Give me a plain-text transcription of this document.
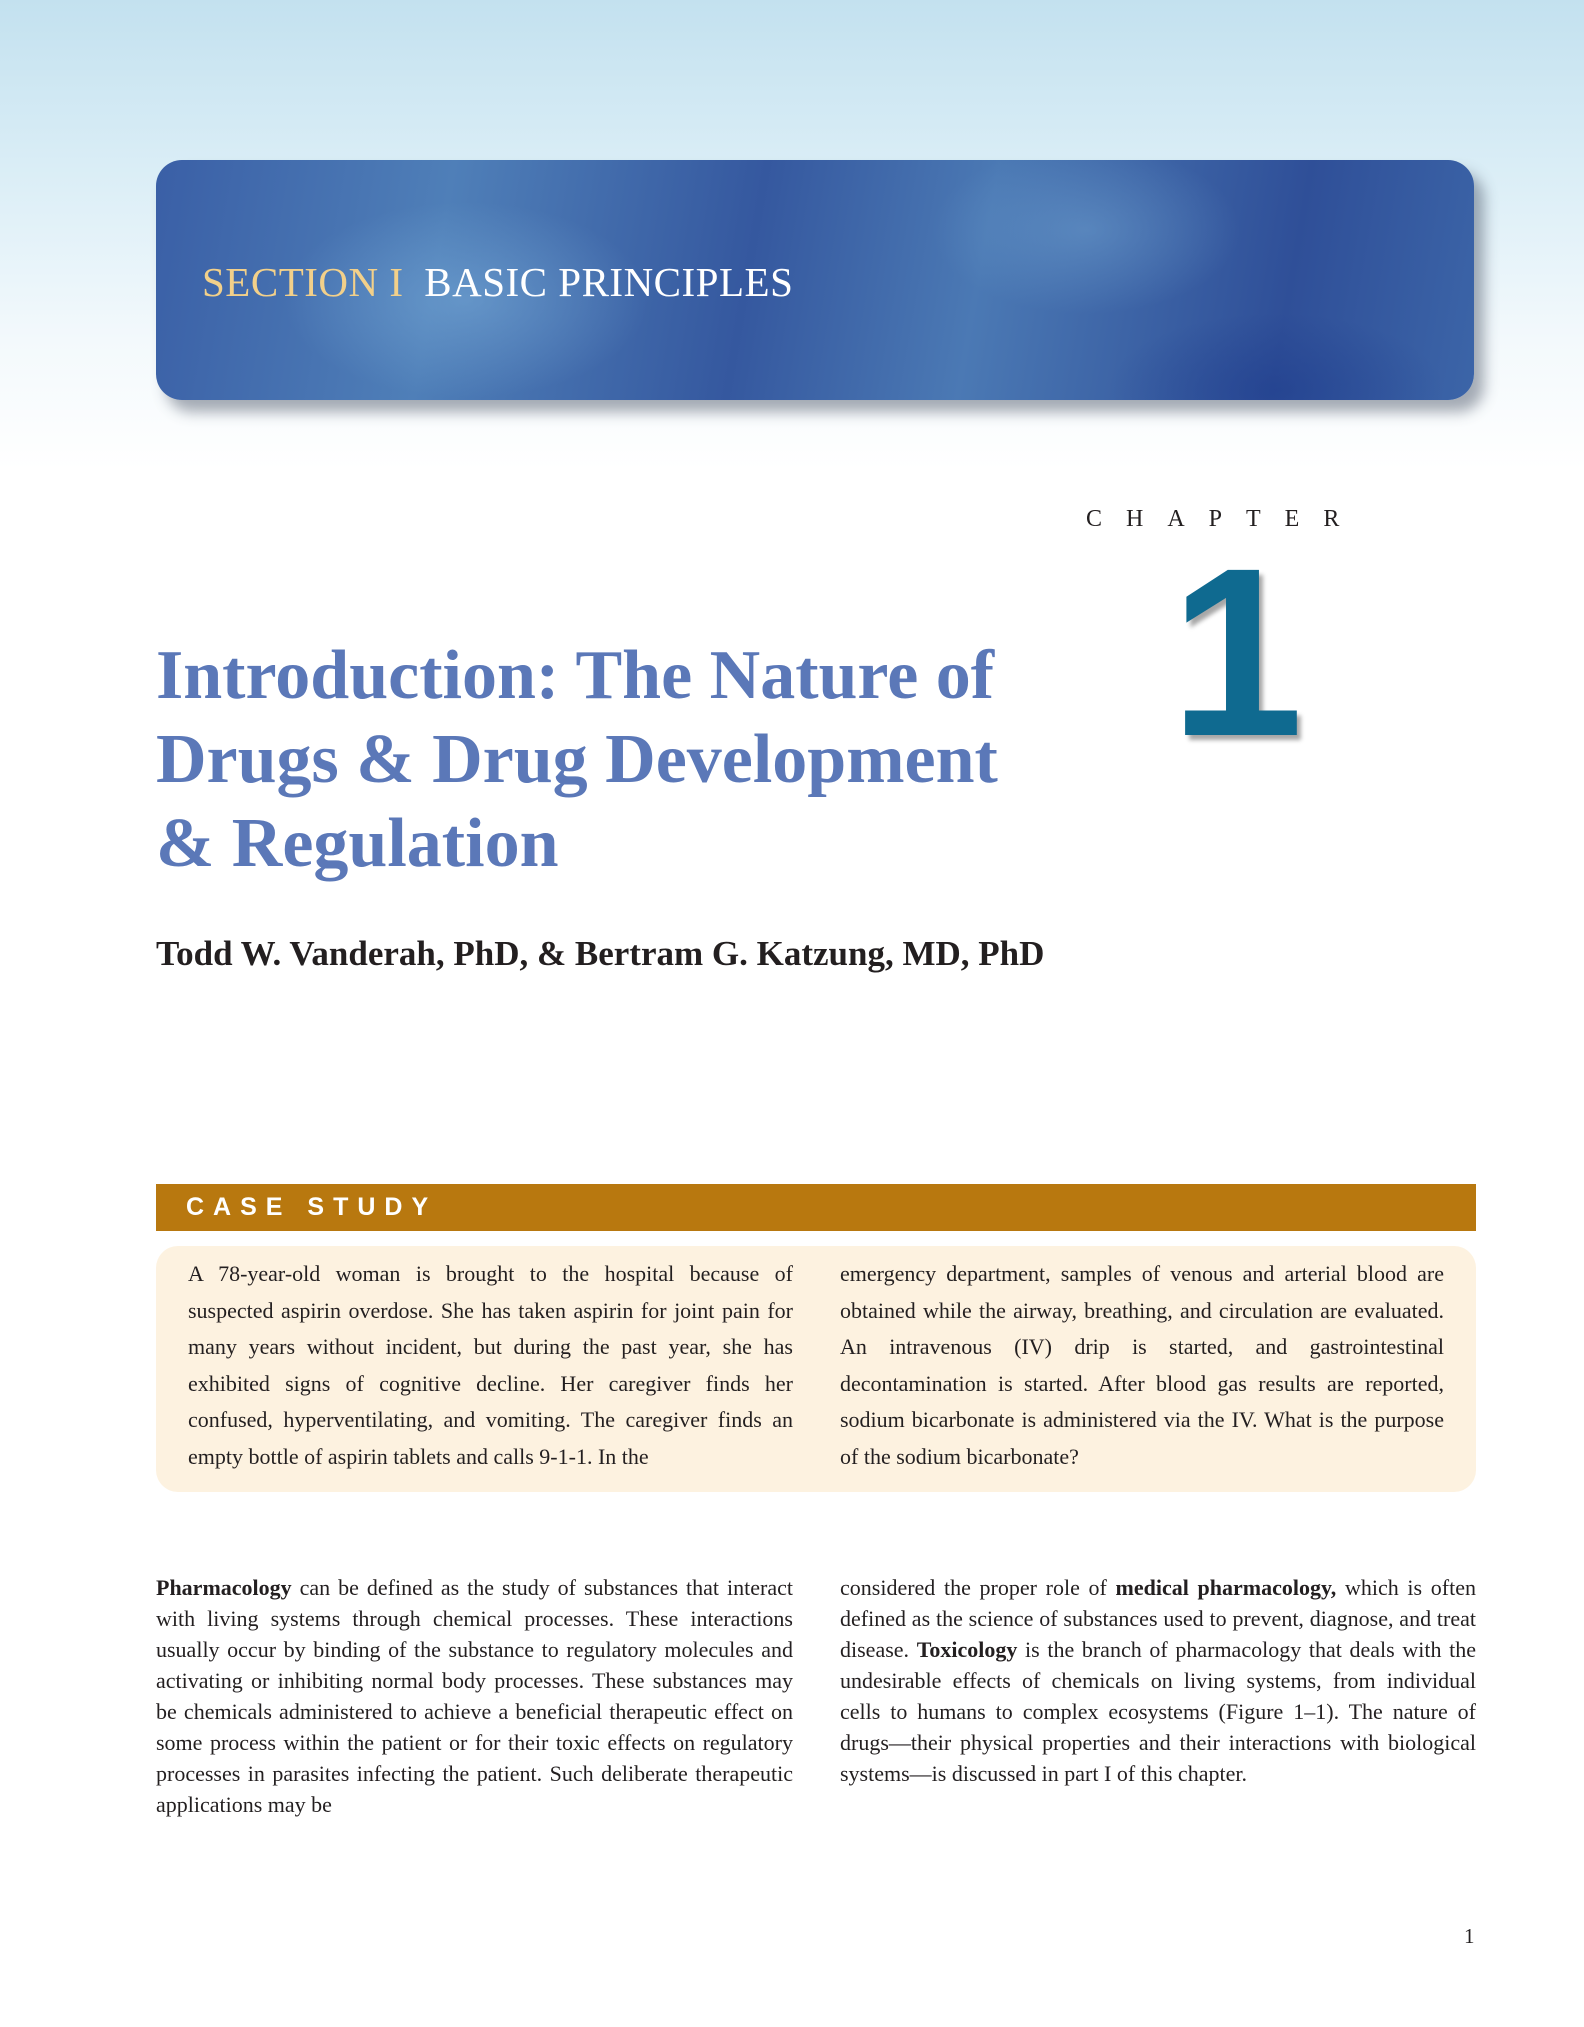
SECTION I BASIC PRINCIPLES
CHAPTER
1
Introduction: The Nature of
Drugs & Drug Development
& Regulation
Todd W. Vanderah, PhD, & Bertram G. Katzung, MD, PhD
CASE STUDY
A 78-year-old woman is brought to the hospital because of suspected aspirin overdose. She has taken aspirin for joint pain for many years without incident, but during the past year, she has exhibited signs of cognitive decline. Her caregiver finds her confused, hyperventilating, and vomiting. The caregiver finds an empty bottle of aspirin tablets and calls 9-1-1. In the
emergency department, samples of venous and arterial blood are obtained while the airway, breathing, and circulation are evaluated. An intravenous (IV) drip is started, and gastrointestinal decontamination is started. After blood gas results are reported, sodium bicarbonate is administered via the IV. What is the purpose of the sodium bicarbonate?
Pharmacology can be defined as the study of substances that interact with living systems through chemical processes. These interactions usually occur by binding of the substance to regulatory molecules and activating or inhibiting normal body processes. These substances may be chemicals administered to achieve a beneficial therapeutic effect on some process within the patient or for their toxic effects on regulatory processes in parasites infecting the patient. Such deliberate therapeutic applications may be
considered the proper role of medical pharmacology, which is often defined as the science of substances used to prevent, diagnose, and treat disease. Toxicology is the branch of pharmacology that deals with the undesirable effects of chemicals on living systems, from individual cells to humans to complex ecosystems (Figure 1–1). The nature of drugs—their physical properties and their interactions with biological systems—is discussed in part I of this chapter.
1
